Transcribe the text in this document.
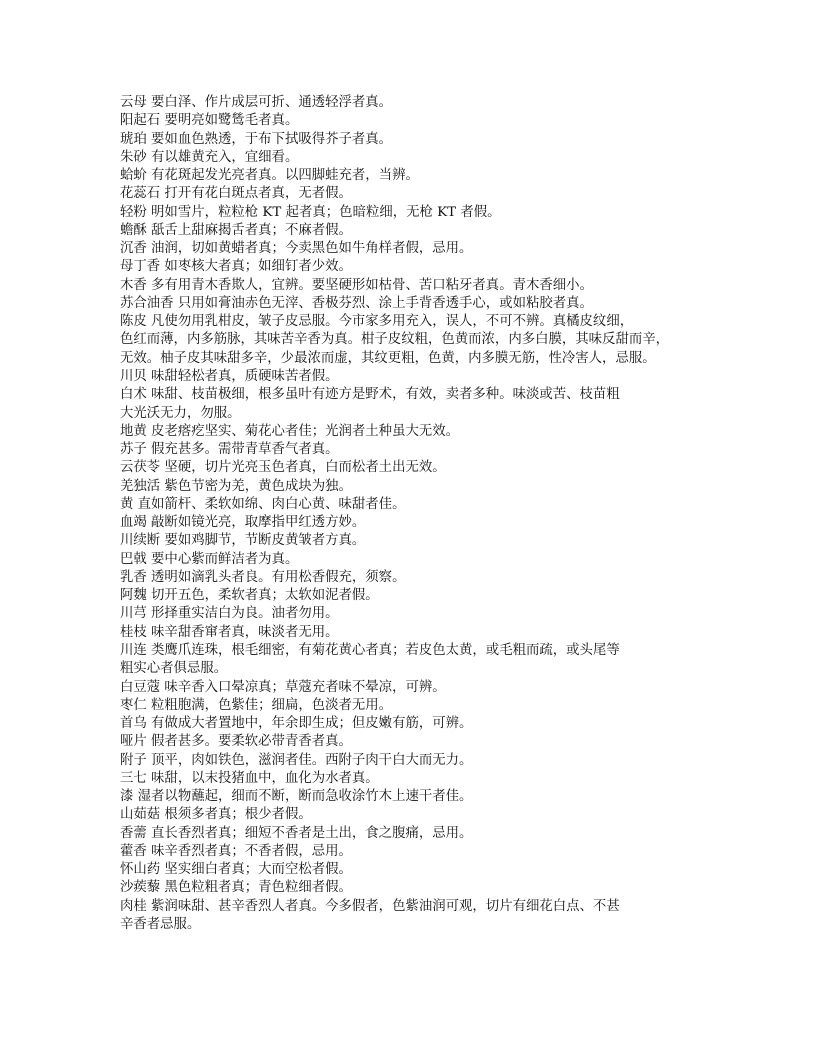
云母 要白泽、作片成层可折、通透轻浮者真。
阳起石 要明亮如鹭鸶毛者真。
琥珀 要如血色熟透，于布下拭吸得芥子者真。
朱砂 有以雄黄充入，宜细看。
蛤蚧 有花斑起发光亮者真。以四脚蛙充者，当辨。
花蕊石 打开有花白斑点者真，无者假。
轻粉 明如雪片，粒粒枪 KT 起者真；色暗粒细，无枪 KT 者假。
蟾酥 舐舌上甜麻揭舌者真；不麻者假。
沉香 油润，切如黄蜡者真；今卖黑色如牛角样者假，忌用。
母丁香 如枣核大者真；如细钉者少效。
木香 多有用青木香欺人，宜辨。要坚硬形如枯骨、苦口粘牙者真。青木香细小。
苏合油香 只用如膏油赤色无滓、香极芬烈、涂上手背香透手心，或如粘胶者真。
陈皮 凡使勿用乳柑皮，皱子皮忌服。今市家多用充入，误人，不可不辨。真橘皮纹细，
色红而薄，内多筋脉，其味苦辛香为真。柑子皮纹粗，色黄而浓，内多白膜，其味反甜而辛，
无效。柚子皮其味甜多辛，少最浓而虚，其纹更粗，色黄，内多膜无筋，性冷害人，忌服。
川贝 味甜轻松者真，质硬味苦者假。
白术 味甜、枝苗极细，根多虽叶有迹方是野术，有效，卖者多种。味淡或苦、枝苗粗
大光沃无力，勿服。
地黄 皮老瘩疙坚实、菊花心者佳；光润者土种虽大无效。
苏子 假充甚多。需带青草香气者真。
云茯苓 坚硬，切片光亮玉色者真，白而松者土出无效。
羌独活 紫色节密为羌，黄色成块为独。
黄 直如箭杆、柔软如绵、肉白心黄、味甜者佳。
血竭 敲断如镜光亮，取摩指甲红透方妙。
川续断 要如鸡脚节，节断皮黄皱者方真。
巴戟 要中心紫而鲜洁者为真。
乳香 透明如滴乳头者良。有用松香假充，须察。
阿魏 切开五色，柔软者真；太软如泥者假。
川芎 形择重实洁白为良。油者勿用。
桂枝 味辛甜香窜者真，味淡者无用。
川连 类鹰爪连珠，根毛细密，有菊花黄心者真；若皮色太黄，或毛粗而疏，或头尾等
粗实心者俱忌服。
白豆蔻 味辛香入口晕凉真；草蔻充者味不晕凉，可辨。
枣仁 粒粗胞满，色紫佳；细扁，色淡者无用。
首乌 有做成大者置地中，年余即生成；但皮嫩有筋，可辨。
哑片 假者甚多。要柔软必带青香者真。
附子 顶平，肉如铁色，滋润者佳。西附子肉干白大而无力。
三七 味甜，以末投猪血中，血化为水者真。
漆 湿者以物蘸起，细而不断，断而急收涂竹木上速干者佳。
山茹菇 根须多者真；根少者假。
香薷 直长香烈者真；细短不香者是土出，食之腹痛，忌用。
藿香 味辛香烈者真；不香者假，忌用。
怀山药 坚实细白者真；大而空松者假。
沙蒺藜 黑色粒粗者真；青色粒细者假。
肉桂 紫润味甜、甚辛香烈人者真。今多假者，色紫油润可观，切片有细花白点、不甚
辛香者忌服。
